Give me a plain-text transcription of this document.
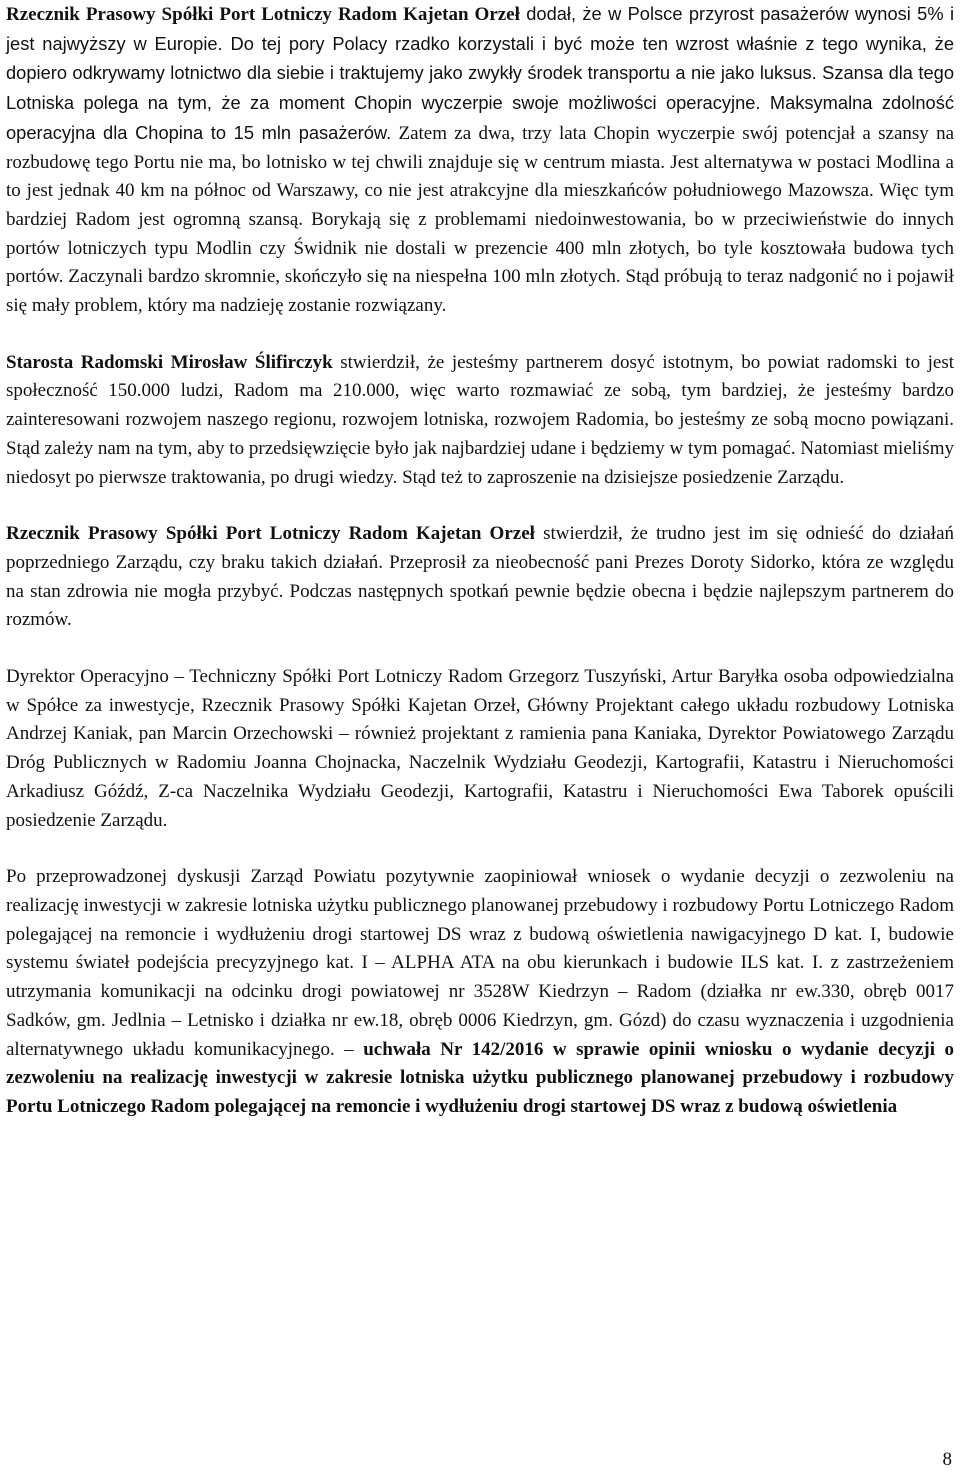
Rzecznik Prasowy Spółki Port Lotniczy Radom Kajetan Orzeł dodał, że w Polsce przyrost pasażerów wynosi 5% i jest najwyższy w Europie. Do tej pory Polacy rzadko korzystali i być może ten wzrost właśnie z tego wynika, że dopiero odkrywamy lotnictwo dla siebie i traktujemy jako zwykły środek transportu a nie jako luksus. Szansa dla tego Lotniska polega na tym, że za moment Chopin wyczerpie swoje możliwości operacyjne. Maksymalna zdolność operacyjna dla Chopina to 15 mln pasażerów. Zatem za dwa, trzy lata Chopin wyczerpie swój potencjał a szansy na rozbudowę tego Portu nie ma, bo lotnisko w tej chwili znajduje się w centrum miasta. Jest alternatywa w postaci Modlina a to jest jednak 40 km na północ od Warszawy, co nie jest atrakcyjne dla mieszkańców południowego Mazowsza. Więc tym bardziej Radom jest ogromną szansą. Borykają się z problemami niedoinwestowania, bo w przeciwieństwie do innych portów lotniczych typu Modlin czy Świdnik nie dostali w prezencie 400 mln złotych, bo tyle kosztowała budowa tych portów. Zaczynali bardzo skromnie, skończyło się na niespełna 100 mln złotych. Stąd próbują to teraz nadgonić no i pojawił się mały problem, który ma nadzieję zostanie rozwiązany.

Starosta Radomski Mirosław Ślifirczyk stwierdził, że jesteśmy partnerem dosyć istotnym, bo powiat radomski to jest społeczność 150.000 ludzi, Radom ma 210.000, więc warto rozmawiać ze sobą, tym bardziej, że jesteśmy bardzo zainteresowani rozwojem naszego regionu, rozwojem lotniska, rozwojem Radomia, bo jesteśmy ze sobą mocno powiązani. Stąd zależy nam na tym, aby to przedsięwzięcie było jak najbardziej udane i będziemy w tym pomagać. Natomiast mieliśmy niedosyt po pierwsze traktowania, po drugi wiedzy. Stąd też to zaproszenie na dzisiejsze posiedzenie Zarządu.

Rzecznik Prasowy Spółki Port Lotniczy Radom Kajetan Orzeł stwierdził, że trudno jest im się odnieść do działań poprzedniego Zarządu, czy braku takich działań. Przeprosił za nieobecność pani Prezes Doroty Sidorko, która ze względu na stan zdrowia nie mogła przybyć. Podczas następnych spotkań pewnie będzie obecna i będzie najlepszym partnerem do rozmów.

Dyrektor Operacyjno – Techniczny Spółki Port Lotniczy Radom Grzegorz Tuszyński, Artur Baryłka osoba odpowiedzialna w Spółce za inwestycje, Rzecznik Prasowy Spółki Kajetan Orzeł, Główny Projektant całego układu rozbudowy Lotniska Andrzej Kaniak, pan Marcin Orzechowski – również projektant z ramienia pana Kaniaka, Dyrektor Powiatowego Zarządu Dróg Publicznych w Radomiu Joanna Chojnacka, Naczelnik Wydziału Geodezji, Kartografii, Katastru i Nieruchomości Arkadiusz Góźdź, Z-ca Naczelnika Wydziału Geodezji, Kartografii, Katastru i Nieruchomości Ewa Taborek opuścili posiedzenie Zarządu.

Po przeprowadzonej dyskusji Zarząd Powiatu pozytywnie zaopiniował wniosek o wydanie decyzji o zezwoleniu na realizację inwestycji w zakresie lotniska użytku publicznego planowanej przebudowy i rozbudowy Portu Lotniczego Radom polegającej na remoncie i wydłużeniu drogi startowej DS wraz z budową oświetlenia nawigacyjnego D kat. I, budowie systemu świateł podejścia precyzyjnego kat. I – ALPHA ATA na obu kierunkach i budowie ILS kat. I. z zastrzeżeniem utrzymania komunikacji na odcinku drogi powiatowej nr 3528W Kiedrzyn – Radom (działka nr ew.330, obręb 0017 Sadków, gm. Jedlnia – Letnisko i działka nr ew.18, obręb 0006 Kiedrzyn, gm. Gózd) do czasu wyznaczenia i uzgodnienia alternatywnego układu komunikacyjnego. – uchwała Nr 142/2016 w sprawie opinii wniosku o wydanie decyzji o zezwoleniu na realizację inwestycji w zakresie lotniska użytku publicznego planowanej przebudowy i rozbudowy Portu Lotniczego Radom polegającej na remoncie i wydłużeniu drogi startowej DS wraz z budową oświetlenia

8
